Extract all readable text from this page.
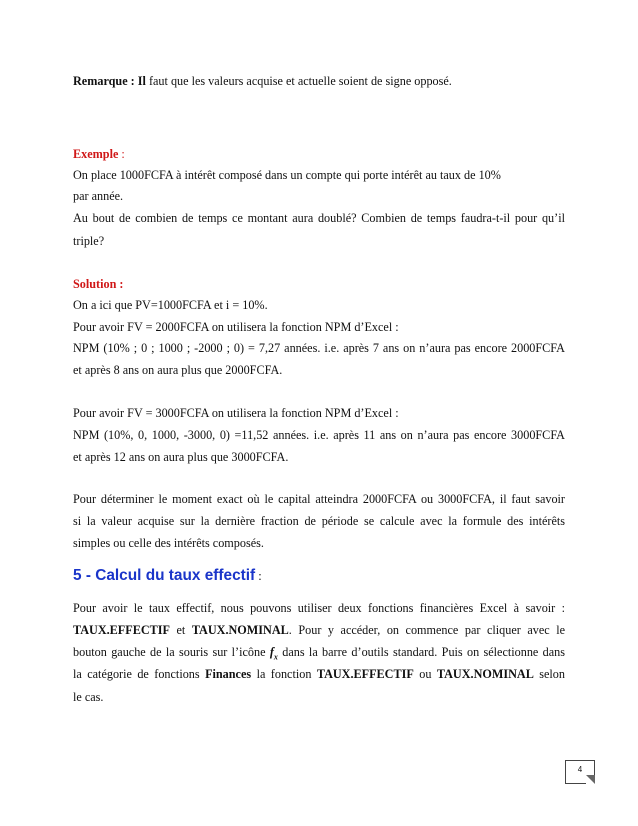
Remarque : Il faut que les valeurs acquise et actuelle soient de signe opposé.
Exemple :
On place 1000FCFA à intérêt composé dans un compte qui porte intérêt au taux de 10%
par année.
Au bout de combien de temps ce montant aura doublé? Combien de temps faudra-t-il pour qu’il
triple?
Solution :
On a ici que PV=1000FCFA et i = 10%.
Pour avoir FV = 2000FCFA on utilisera la fonction NPM d’Excel :
NPM (10% ; 0 ; 1000 ; -2000 ; 0) = 7,27 années. i.e. après 7 ans on n’aura pas encore 2000FCFA
et après 8 ans on aura plus que 2000FCFA.
Pour avoir FV = 3000FCFA on utilisera la fonction NPM d’Excel :
NPM (10%, 0, 1000, -3000, 0) =11,52 années. i.e. après 11 ans on n’aura pas encore 3000FCFA
et après 12 ans on aura plus que 3000FCFA.
Pour déterminer le moment exact où le capital atteindra 2000FCFA ou 3000FCFA, il faut savoir
si la valeur acquise sur la dernière fraction de période se calcule avec la formule des intérêts
simples ou celle des intérêts composés.
5 - Calcul du taux effectif :
Pour avoir le taux effectif, nous pouvons utiliser deux fonctions financières Excel à savoir :
TAUX.EFFECTIF et TAUX.NOMINAL. Pour y accéder, on commence par cliquer avec le
bouton gauche de la souris sur l’icône $f_x$ dans la barre d’outils standard. Puis on sélectionne dans
la catégorie de fonctions Finances la fonction TAUX.EFFECTIF ou TAUX.NOMINAL selon
le cas.
4
